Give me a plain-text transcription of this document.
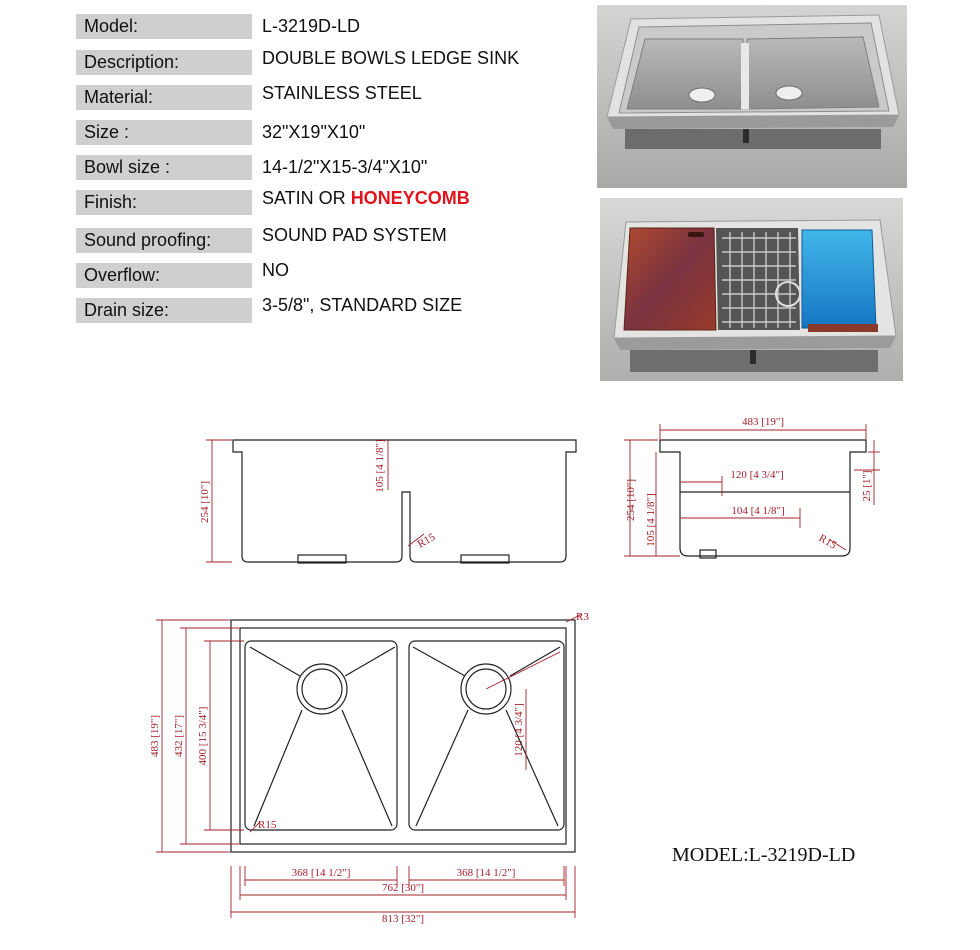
Model:	L-3219D-LD
Description:	DOUBLE BOWLS LEDGE SINK
Material:	STAINLESS STEEL
Size :	32"X19"X10"
Bowl size :	14-1/2"X15-3/4"X10"
Finish:	SATIN OR HONEYCOMB
Sound proofing:	SOUND PAD SYSTEM
Overflow:	NO
Drain size:	3-5/8", STANDARD SIZE
254 [10"]
105 [4 1/8"]
R15
483 [19"]
120 [4 3/4"]
104 [4 1/8"]
254 [10"] 105 [4 1/8"]
25 [1"]
R15
R3
483 [19"] 432 [17"] 400 [15 3/4"]
R15
120 [4 3/4"]
368 [14 1/2"]	368 [14 1/2"]
762 [30"]
813 [32"]
MODEL:L-3219D-LD
